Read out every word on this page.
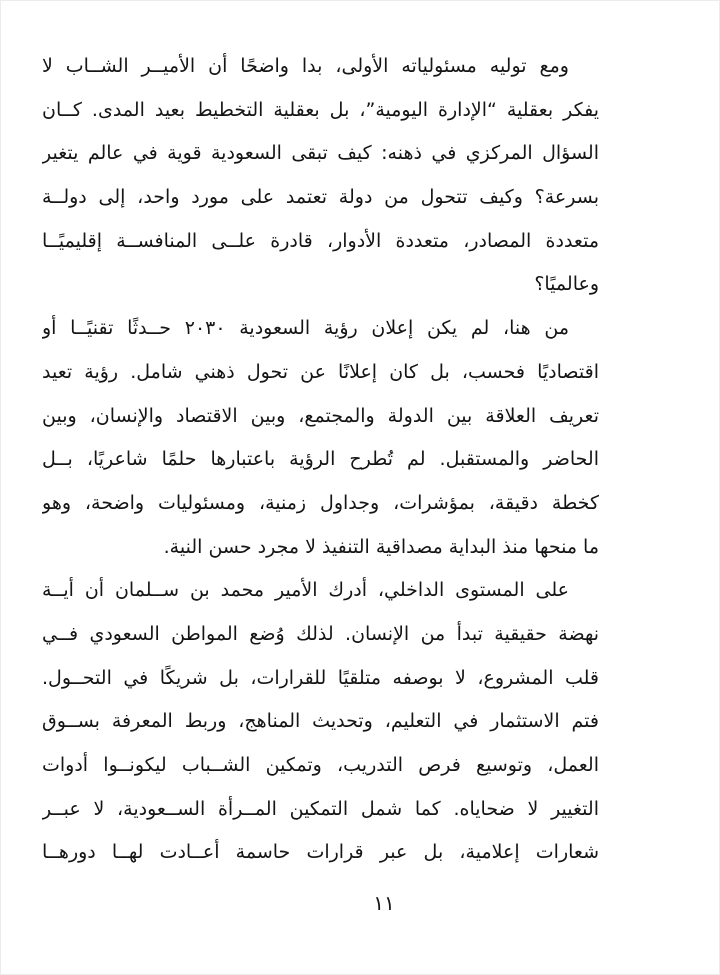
ومع توليه مسئولياته الأولى، بدا واضحًا أن الأميــر الشــاب لا
يفكر بعقلية “الإدارة اليومية”، بل بعقلية التخطيط بعيد المدى. كــان
السؤال المركزي في ذهنه: كيف تبقى السعودية قوية في عالم يتغير
بسرعة؟ وكيف تتحول من دولة تعتمد على مورد واحد، إلى دولــة
متعددة المصادر، متعددة الأدوار، قادرة علــى المنافســة إقليميًــا
وعالميًا؟
من هنا، لم يكن إعلان رؤية السعودية ٢٠٣٠ حــدثًا تقنيًــا أو
اقتصاديًا فحسب، بل كان إعلانًا عن تحول ذهني شامل. رؤية تعيد
تعريف العلاقة بين الدولة والمجتمع، وبين الاقتصاد والإنسان، وبين
الحاضر والمستقبل. لم تُطرح الرؤية باعتبارها حلمًا شاعريًا، بــل
كخطة دقيقة، بمؤشرات، وجداول زمنية، ومسئوليات واضحة، وهو
ما منحها منذ البداية مصداقية التنفيذ لا مجرد حسن النية.
على المستوى الداخلي، أدرك الأمير محمد بن ســلمان أن أيــة
نهضة حقيقية تبدأ من الإنسان. لذلك وُضع المواطن السعودي فــي
قلب المشروع، لا بوصفه متلقيًا للقرارات، بل شريكًا في التحــول.
فتم الاستثمار في التعليم، وتحديث المناهج، وربط المعرفة بســوق
العمل، وتوسيع فرص التدريب، وتمكين الشــباب ليكونــوا أدوات
التغيير لا ضحاياه. كما شمل التمكين المــرأة الســعودية، لا عبــر
شعارات إعلامية، بل عبر قرارات حاسمة أعــادت لهــا دورهــا
١١
